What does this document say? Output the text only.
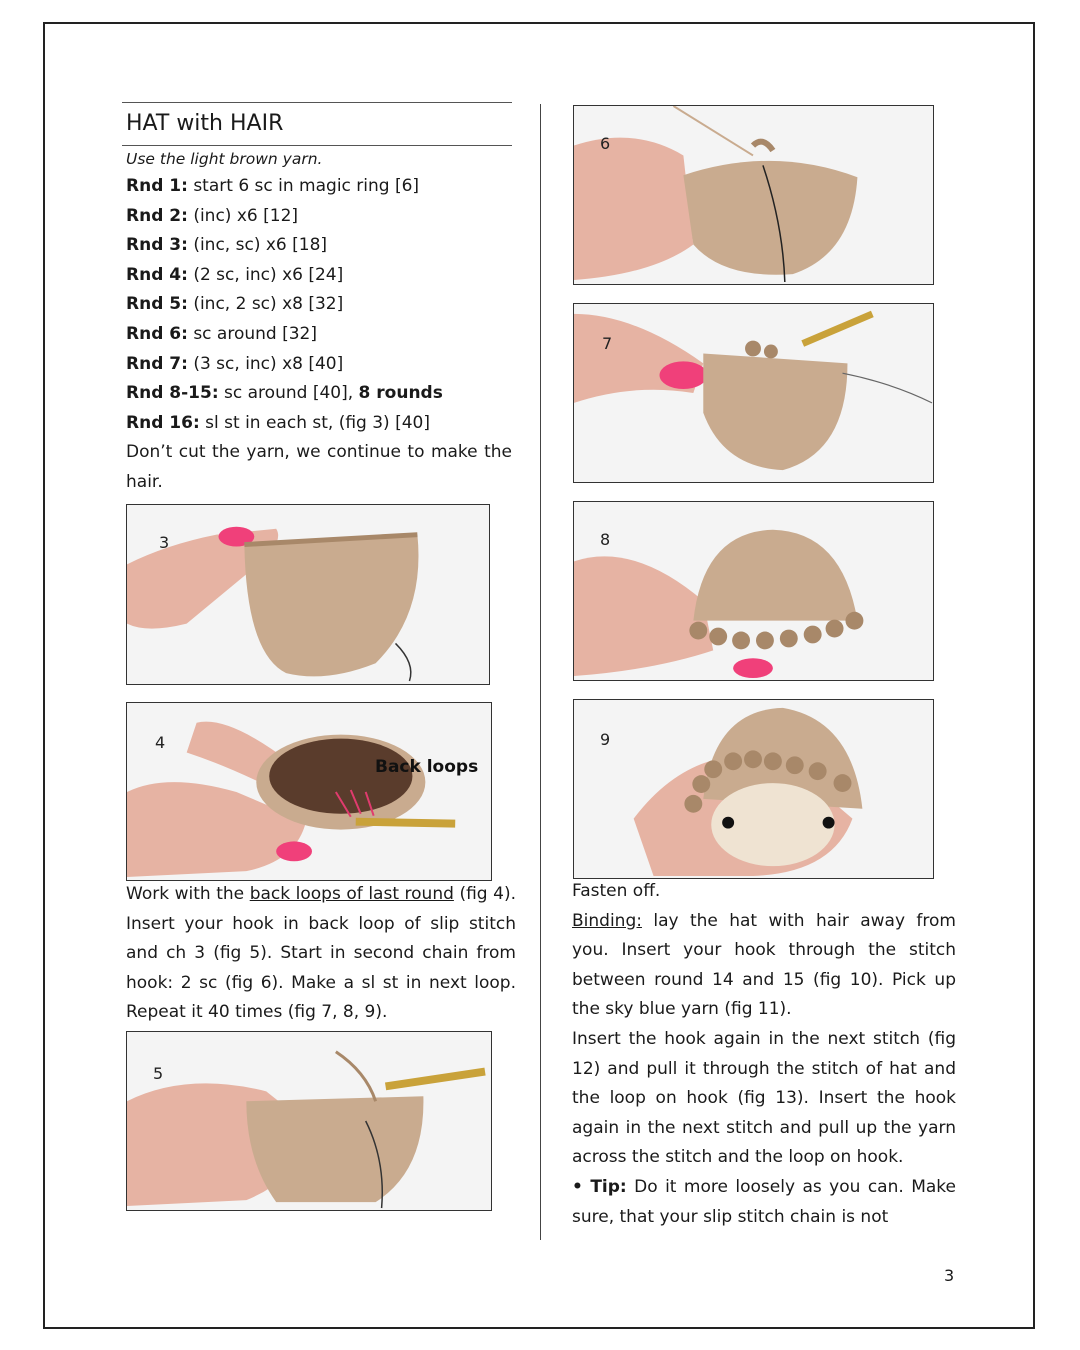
HAT with HAIR
Use the light brown yarn.
Rnd 1: start 6 sc in magic ring [6]
Rnd 2: (inc) x6 [12]
Rnd 3: (inc, sc) x6 [18]
Rnd 4: (2 sc, inc) x6 [24]
Rnd 5: (inc, 2 sc) x8 [32]
Rnd 6: sc around [32]
Rnd 7: (3 sc, inc) x8 [40]
Rnd 8-15: sc around [40], 8 rounds
Rnd 16: sl st in each st, (fig 3) [40]
Don’t cut the yarn, we continue to make the hair.
3
4
Back loops
Work with the back loops of last round (fig 4). Insert your hook in back loop of slip stitch and ch 3 (fig 5). Start in second chain from hook: 2 sc (fig 6). Make a sl st in next loop. Repeat it 40 times (fig 7, 8, 9).
5
6
7
8
9
Fasten off.
Binding: lay the hat with hair away from you. Insert your hook through the stitch between round 14 and 15 (fig 10). Pick up the sky blue yarn (fig 11).
Insert the hook again in the next stitch (fig 12) and pull it through the stitch of hat and the loop on hook (fig 13). Insert the hook again in the next stitch and pull up the yarn across the stitch and the loop on hook.
• Tip: Do it more loosely as you can. Make sure, that your slip stitch chain is not
3
